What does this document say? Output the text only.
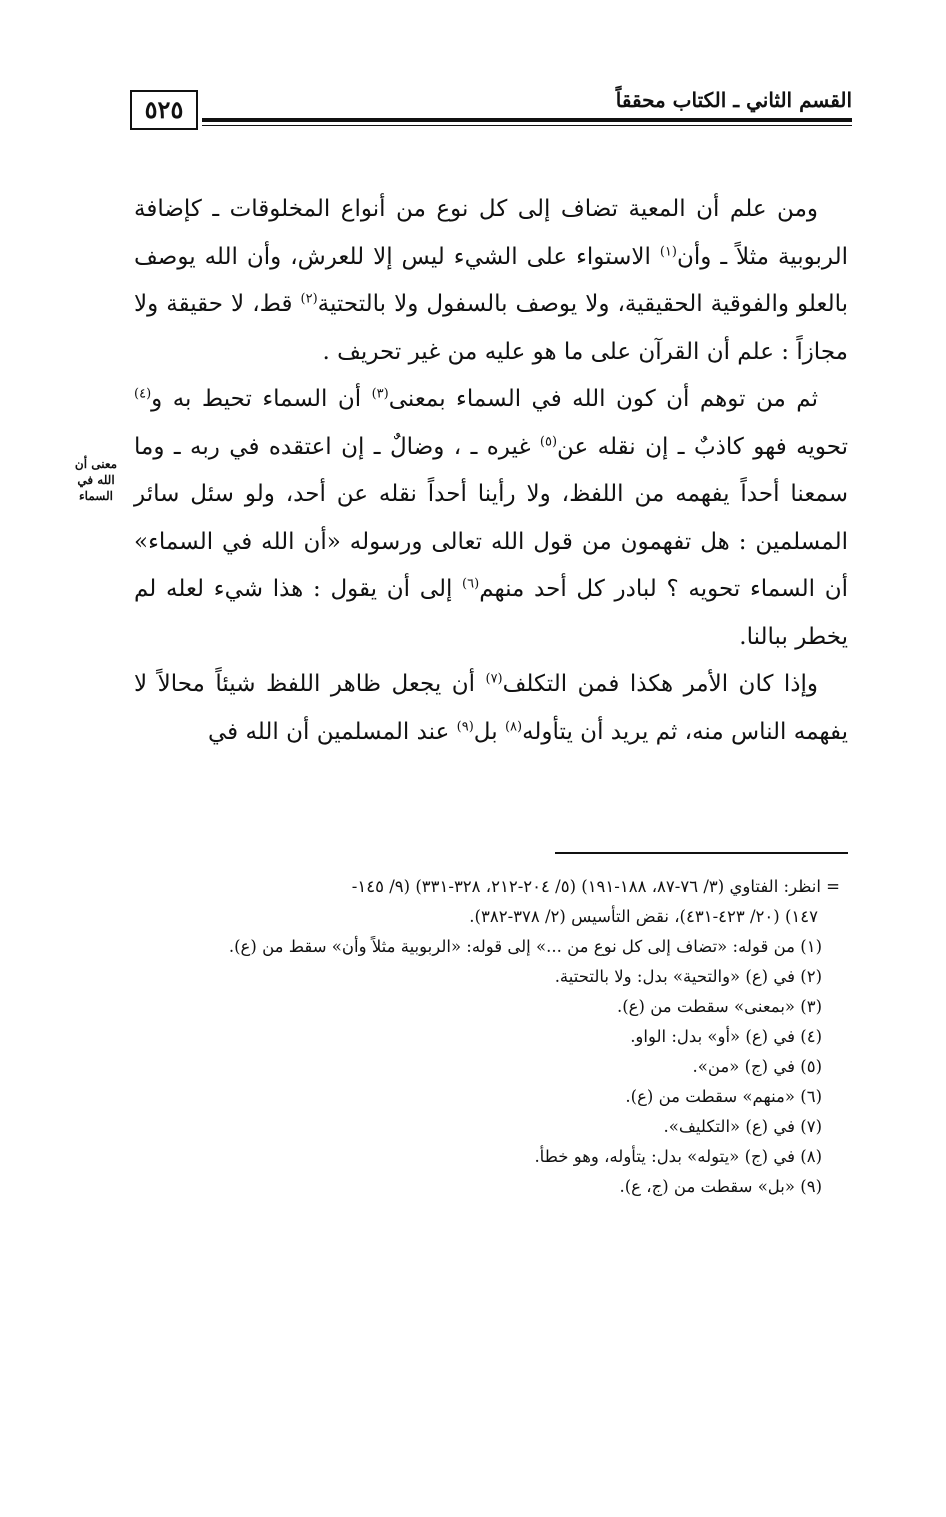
٥٢٥	القسم الثاني ـ الكتاب محققاً

ومن علم أن المعية تضاف إلى كل نوع من أنواع المخلوقات ـ كإضافة الربوبية مثلاً ـ وأن$^{(١)}$ الاستواء على الشيء ليس إلا للعرش، وأن الله يوصف بالعلو والفوقية الحقيقية، ولا يوصف بالسفول ولا بالتحتية$^{(٢)}$ قط، لا حقيقة ولا مجازاً : علم أن القرآن على ما هو عليه من غير تحريف .

ثم من توهم أن كون الله في السماء بمعنى$^{(٣)}$ أن السماء تحيط به و$^{(٤)}$ تحويه فهو كاذبٌ ـ إن نقله عن$^{(٥)}$ غيره ـ ، وضالٌ ـ إن اعتقده في ربه ـ وما سمعنا أحداً يفهمه من اللفظ، ولا رأينا أحداً نقله عن أحد، ولو سئل سائر المسلمين : هل تفهمون من قول الله تعالى ورسوله «أن الله في السماء» أن السماء تحويه ؟ لبادر كل أحد منهم$^{(٦)}$ إلى أن يقول : هذا شيء لعله لم يخطر ببالنا.

وإذا كان الأمر هكذا فمن التكلف$^{(٧)}$ أن يجعل ظاهر اللفظ شيئاً محالاً لا يفهمه الناس منه، ثم يريد أن يتأوله$^{(٨)}$ بل$^{(٩)}$ عند المسلمين أن الله في

معنى أن الله في السماء
= انظر: الفتاوي (٣/ ٧٦-٨٧، ١٨٨-١٩١) (٥/ ٢٠٤-٢١٢، ٣٢٨-٣٣١) (٩/ ١٤٥-
١٤٧) (٢٠/ ٤٢٣-٤٣١)، نقض التأسيس (٢/ ٣٧٨-٣٨٢).
(١) من قوله: «تضاف إلى كل نوع من ...» إلى قوله: «الربوبية مثلاً وأن» سقط من (ع).
(٢) في (ع) «والتحية» بدل: ولا بالتحتية.
(٣) «بمعنى» سقطت من (ع).
(٤) في (ع) «أو» بدل: الواو.
(٥) في (ج) «من».
(٦) «منهم» سقطت من (ع).
(٧) في (ع) «التكليف».
(٨) في (ج) «يتوله» بدل: يتأوله، وهو خطأ.
(٩) «بل» سقطت من (ج، ع).
